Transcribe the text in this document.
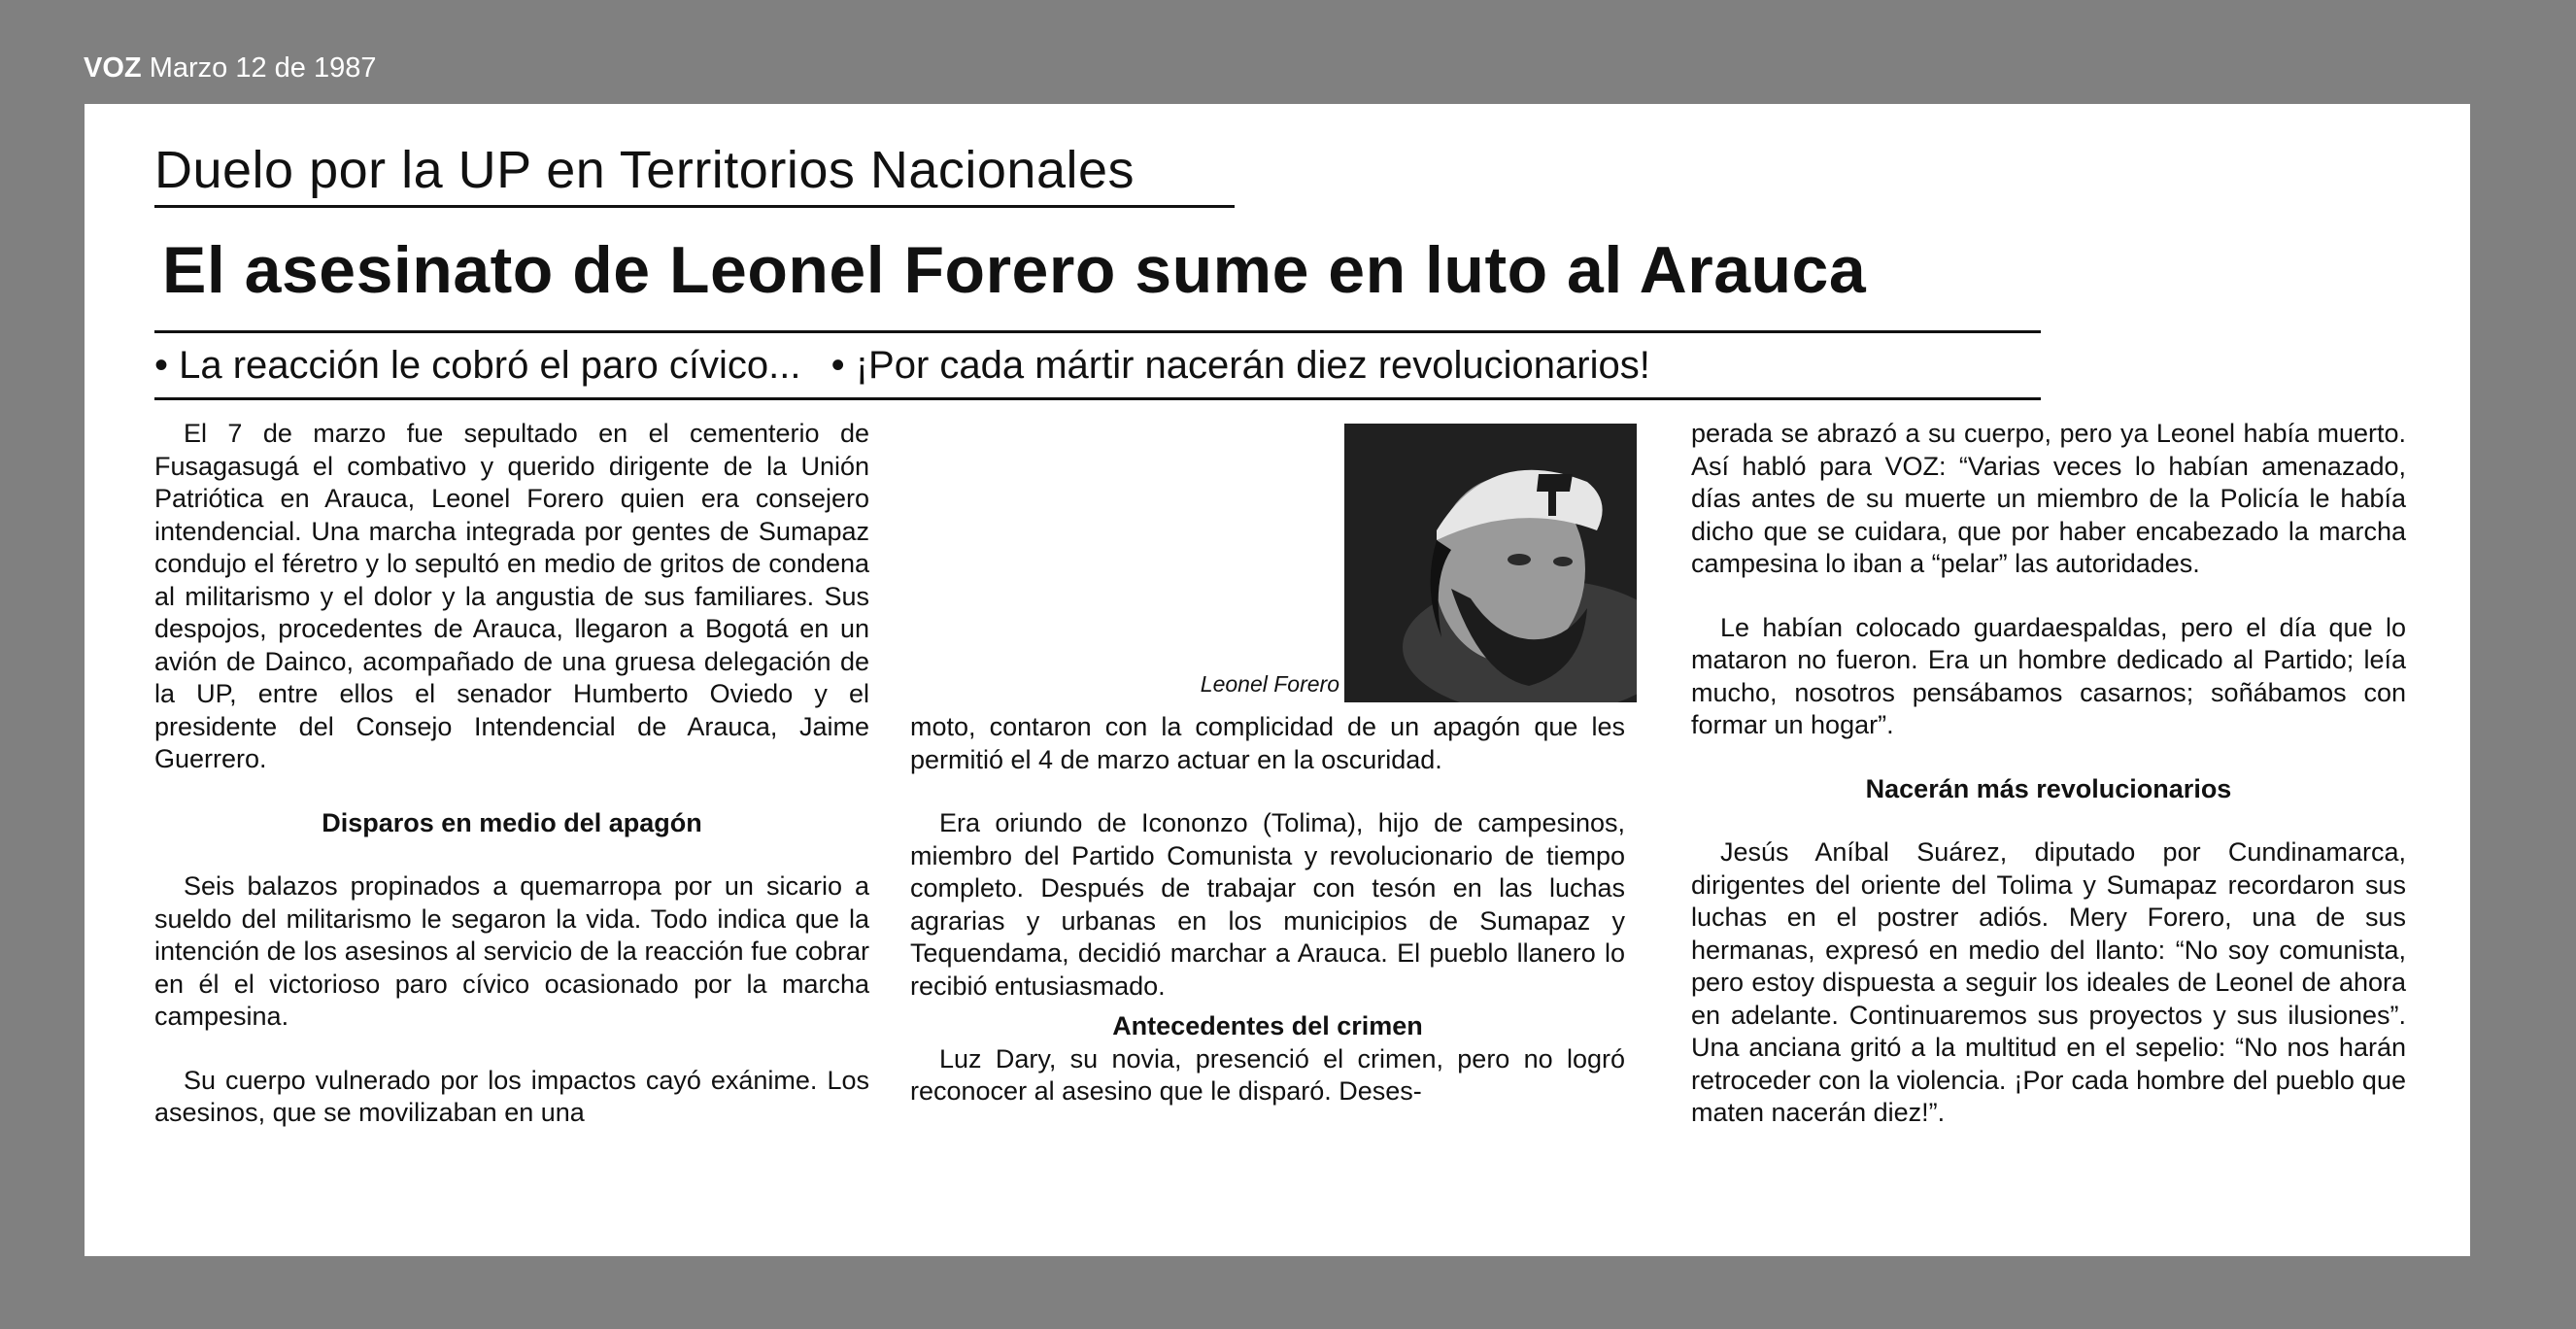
VOZ Marzo 12 de 1987
Duelo por la UP en Territorios Nacionales
El asesinato de Leonel Forero sume en luto al Arauca
• La reacción le cobró el paro cívico... • ¡Por cada mártir nacerán diez revolucionarios!

El 7 de marzo fue sepultado en el cementerio de Fusagasugá el combativo y querido dirigente de la Unión Patriótica en Arauca, Leonel Forero quien era consejero intendencial. Una marcha integrada por gentes de Sumapaz condujo el féretro y lo sepultó en medio de gritos de condena al militarismo y el dolor y la angustia de sus familiares. Sus despojos, procedentes de Arauca, llegaron a Bogotá en un avión de Dainco, acompañado de una gruesa delegación de la UP, entre ellos el senador Humberto Oviedo y el presidente del Consejo Intendencial de Arauca, Jaime Guerrero.

Disparos en medio del apagón

Seis balazos propinados a quemarropa por un sicario a sueldo del militarismo le segaron la vida. Todo indica que la intención de los asesinos al servicio de la reacción fue cobrar en él el victorioso paro cívico ocasionado por la marcha campesina.

Su cuerpo vulnerado por los impactos cayó exánime. Los asesinos, que se movilizaban en una

Leonel Forero

moto, contaron con la complicidad de un apagón que les permitió el 4 de marzo actuar en la oscuridad.

Era oriundo de Icononzo (Tolima), hijo de campesinos, miembro del Partido Comunista y revolucionario de tiempo completo. Después de trabajar con tesón en las luchas agrarias y urbanas en los municipios de Sumapaz y Tequendama, decidió marchar a Arauca. El pueblo llanero lo recibió entusiasmado.

Antecedentes del crimen

Luz Dary, su novia, presenció el crimen, pero no logró reconocer al asesino que le disparó. Deses-

perada se abrazó a su cuerpo, pero ya Leonel había muerto. Así habló para VOZ: “Varias veces lo habían amenazado, días antes de su muerte un miembro de la Policía le había dicho que se cuidara, que por haber encabezado la marcha campesina lo iban a “pelar” las autoridades.

Le habían colocado guardaespaldas, pero el día que lo mataron no fueron. Era un hombre dedicado al Partido; leía mucho, nosotros pensábamos casarnos; soñábamos con formar un hogar”.

Nacerán más revolucionarios

Jesús Aníbal Suárez, diputado por Cundinamarca, dirigentes del oriente del Tolima y Sumapaz recordaron sus luchas en el postrer adiós. Mery Forero, una de sus hermanas, expresó en medio del llanto: “No soy comunista, pero estoy dispuesta a seguir los ideales de Leonel de ahora en adelante. Continuaremos sus proyectos y sus ilusiones”. Una anciana gritó a la multitud en el sepelio: “No nos harán retroceder con la violencia. ¡Por cada hombre del pueblo que maten nacerán diez!”.
